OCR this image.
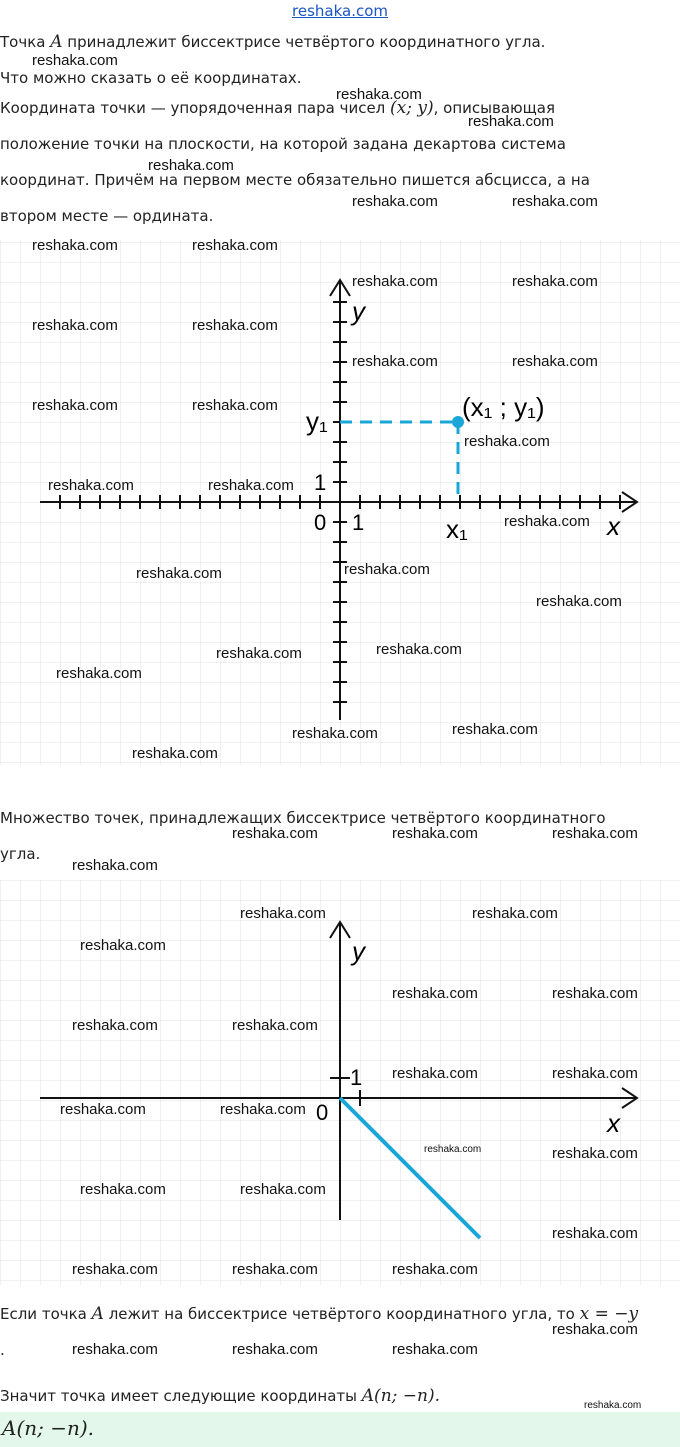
reshaka.com
Точка A принадлежит биссектрисе четвёртого координатного угла.
Что можно сказать о её координатах.
Координата точки — упорядоченная пара чисел (x; y), описывающая
положение точки на плоскости, на которой задана декартова система
координат. Причём на первом месте обязательно пишется абсцисса, а на
втором месте — ордината.
y
x
0 1
1
(x₁ ; y₁)
x₁
y₁
Множество точек, принадлежащих биссектрисе четвёртого координатного
угла.
y
x
0
1
Если точка A лежит на биссектрисе четвёртого координатного угла, то x = −y
.
Значит точка имеет следующие координаты A(n; −n).
A(n; −n).
reshaka.com
reshaka.com
reshaka.com
reshaka.com
reshaka.com	reshaka.com
reshaka.com	reshaka.com
reshaka.com	reshaka.com
reshaka.com	reshaka.com
reshaka.com	reshaka.com
reshaka.com	reshaka.com
reshaka.com
reshaka.com	reshaka.com
reshaka.com
reshaka.com	reshaka.com
reshaka.com
reshaka.com	reshaka.com
reshaka.com
reshaka.com	reshaka.com
reshaka.com
reshaka.com	reshaka.com	reshaka.com
reshaka.com
reshaka.com	reshaka.com
reshaka.com
reshaka.com	reshaka.com
reshaka.com	reshaka.com
reshaka.com	reshaka.com
reshaka.com	reshaka.com
reshaka.com
reshaka.com	reshaka.com
reshaka.com
reshaka.com	reshaka.com	reshaka.com
reshaka.com
reshaka.com	reshaka.com	reshaka.com
reshaka.com
reshaka.com
